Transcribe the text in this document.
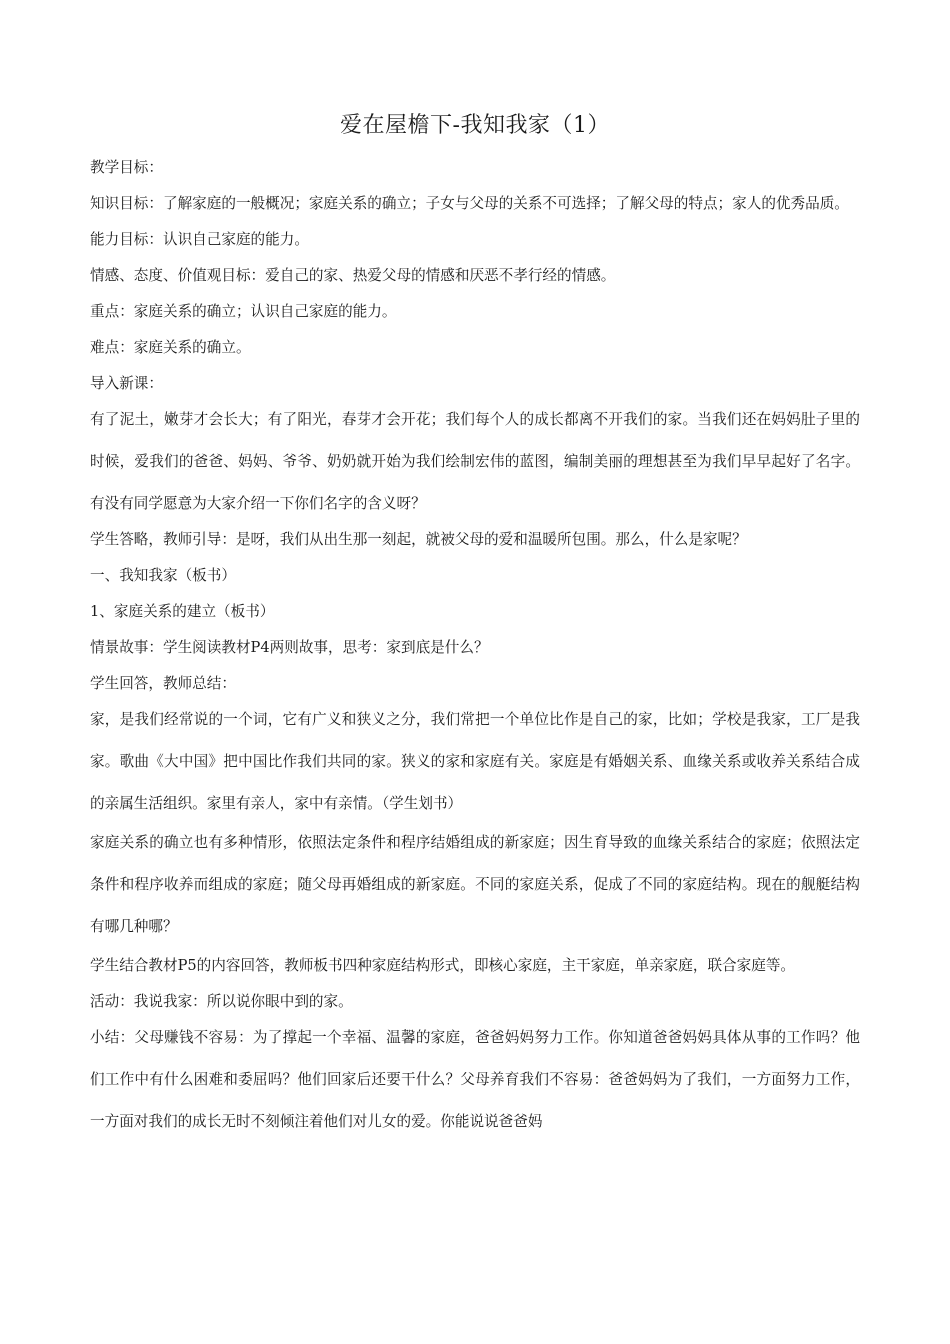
爱在屋檐下-我知我家（1）

教学目标：

知识目标：了解家庭的一般概况；家庭关系的确立；子女与父母的关系不可选择；了解父母的特点；家人的优秀品质。

能力目标：认识自己家庭的能力。

情感、态度、价值观目标：爱自己的家、热爱父母的情感和厌恶不孝行经的情感。

重点：家庭关系的确立；认识自己家庭的能力。

难点：家庭关系的确立。

导入新课：

有了泥土，嫩芽才会长大；有了阳光，春芽才会开花；我们每个人的成长都离不开我们的家。当我们还在妈妈肚子里的时候，爱我们的爸爸、妈妈、爷爷、奶奶就开始为我们绘制宏伟的蓝图，编制美丽的理想甚至为我们早早起好了名字。有没有同学愿意为大家介绍一下你们名字的含义呀？

学生答略，教师引导：是呀，我们从出生那一刻起，就被父母的爱和温暖所包围。那么，什么是家呢？

一、我知我家（板书）

1、家庭关系的建立（板书）

情景故事：学生阅读教材P4两则故事，思考：家到底是什么？

学生回答，教师总结：

家，是我们经常说的一个词，它有广义和狭义之分，我们常把一个单位比作是自己的家，比如；学校是我家，工厂是我家。歌曲《大中国》把中国比作我们共同的家。狭义的家和家庭有关。家庭是有婚姻关系、血缘关系或收养关系结合成的亲属生活组织。家里有亲人，家中有亲情。（学生划书）

家庭关系的确立也有多种情形，依照法定条件和程序结婚组成的新家庭；因生育导致的血缘关系结合的家庭；依照法定条件和程序收养而组成的家庭；随父母再婚组成的新家庭。不同的家庭关系，促成了不同的家庭结构。现在的舰艇结构有哪几种哪？

学生结合教材P5的内容回答，教师板书四种家庭结构形式，即核心家庭，主干家庭，单亲家庭，联合家庭等。

活动：我说我家：所以说你眼中到的家。

小结：父母赚钱不容易：为了撑起一个幸福、温馨的家庭，爸爸妈妈努力工作。你知道爸爸妈妈具体从事的工作吗？他们工作中有什么困难和委屈吗？他们回家后还要干什么？父母养育我们不容易：爸爸妈妈为了我们，一方面努力工作，一方面对我们的成长无时不刻倾注着他们对儿女的爱。你能说说爸爸妈
